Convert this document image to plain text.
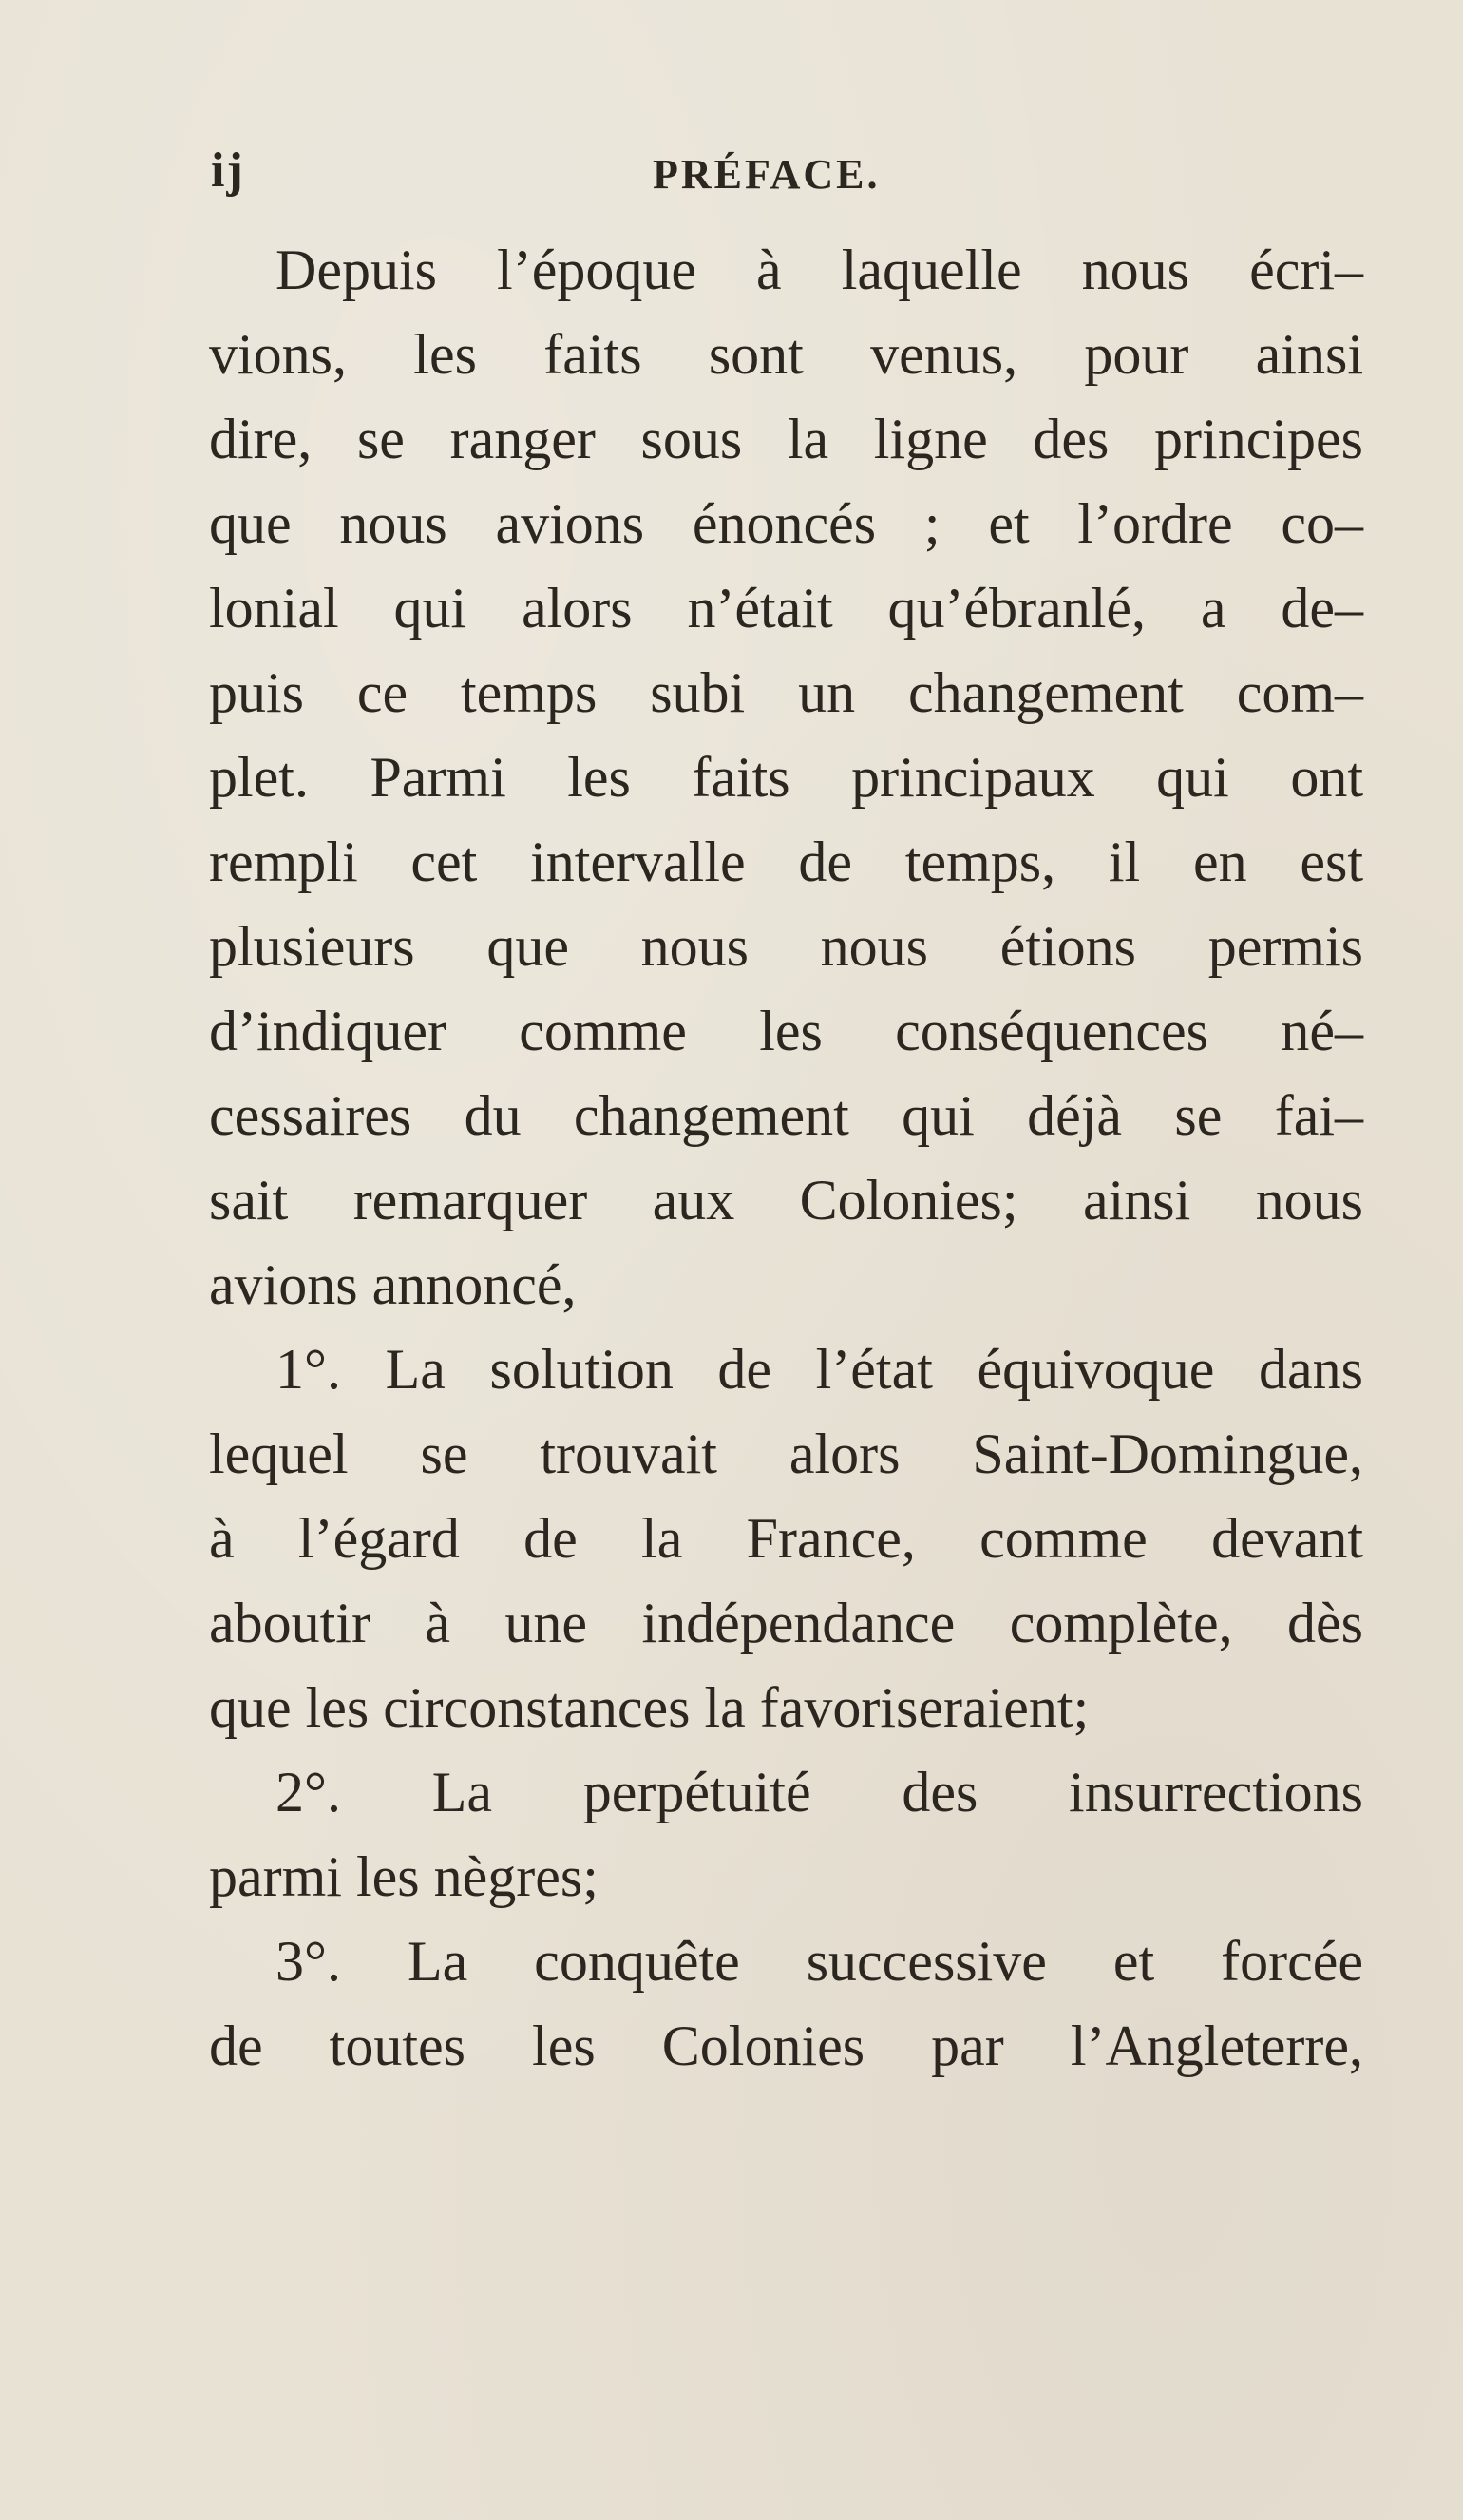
ij	PRÉFACE.
Depuis l’époque à laquelle nous écri–
vions, les faits sont venus, pour ainsi
dire, se ranger sous la ligne des principes
que nous avions énoncés ; et l’ordre co–
lonial qui alors n’était qu’ébranlé, a de–
puis ce temps subi un changement com–
plet. Parmi les faits principaux qui ont
rempli cet intervalle de temps, il en est
plusieurs que nous nous étions permis
d’indiquer comme les conséquences né–
cessaires du changement qui déjà se fai–
sait remarquer aux Colonies; ainsi nous
avions annoncé,
1°. La solution de l’état équivoque dans
lequel se trouvait alors Saint-Domingue,
à l’égard de la France, comme devant
aboutir à une indépendance complète, dès
que les circonstances la favoriseraient;
2°. La perpétuité des insurrections
parmi les nègres;
3°. La conquête successive et forcée
de toutes les Colonies par l’Angleterre,
